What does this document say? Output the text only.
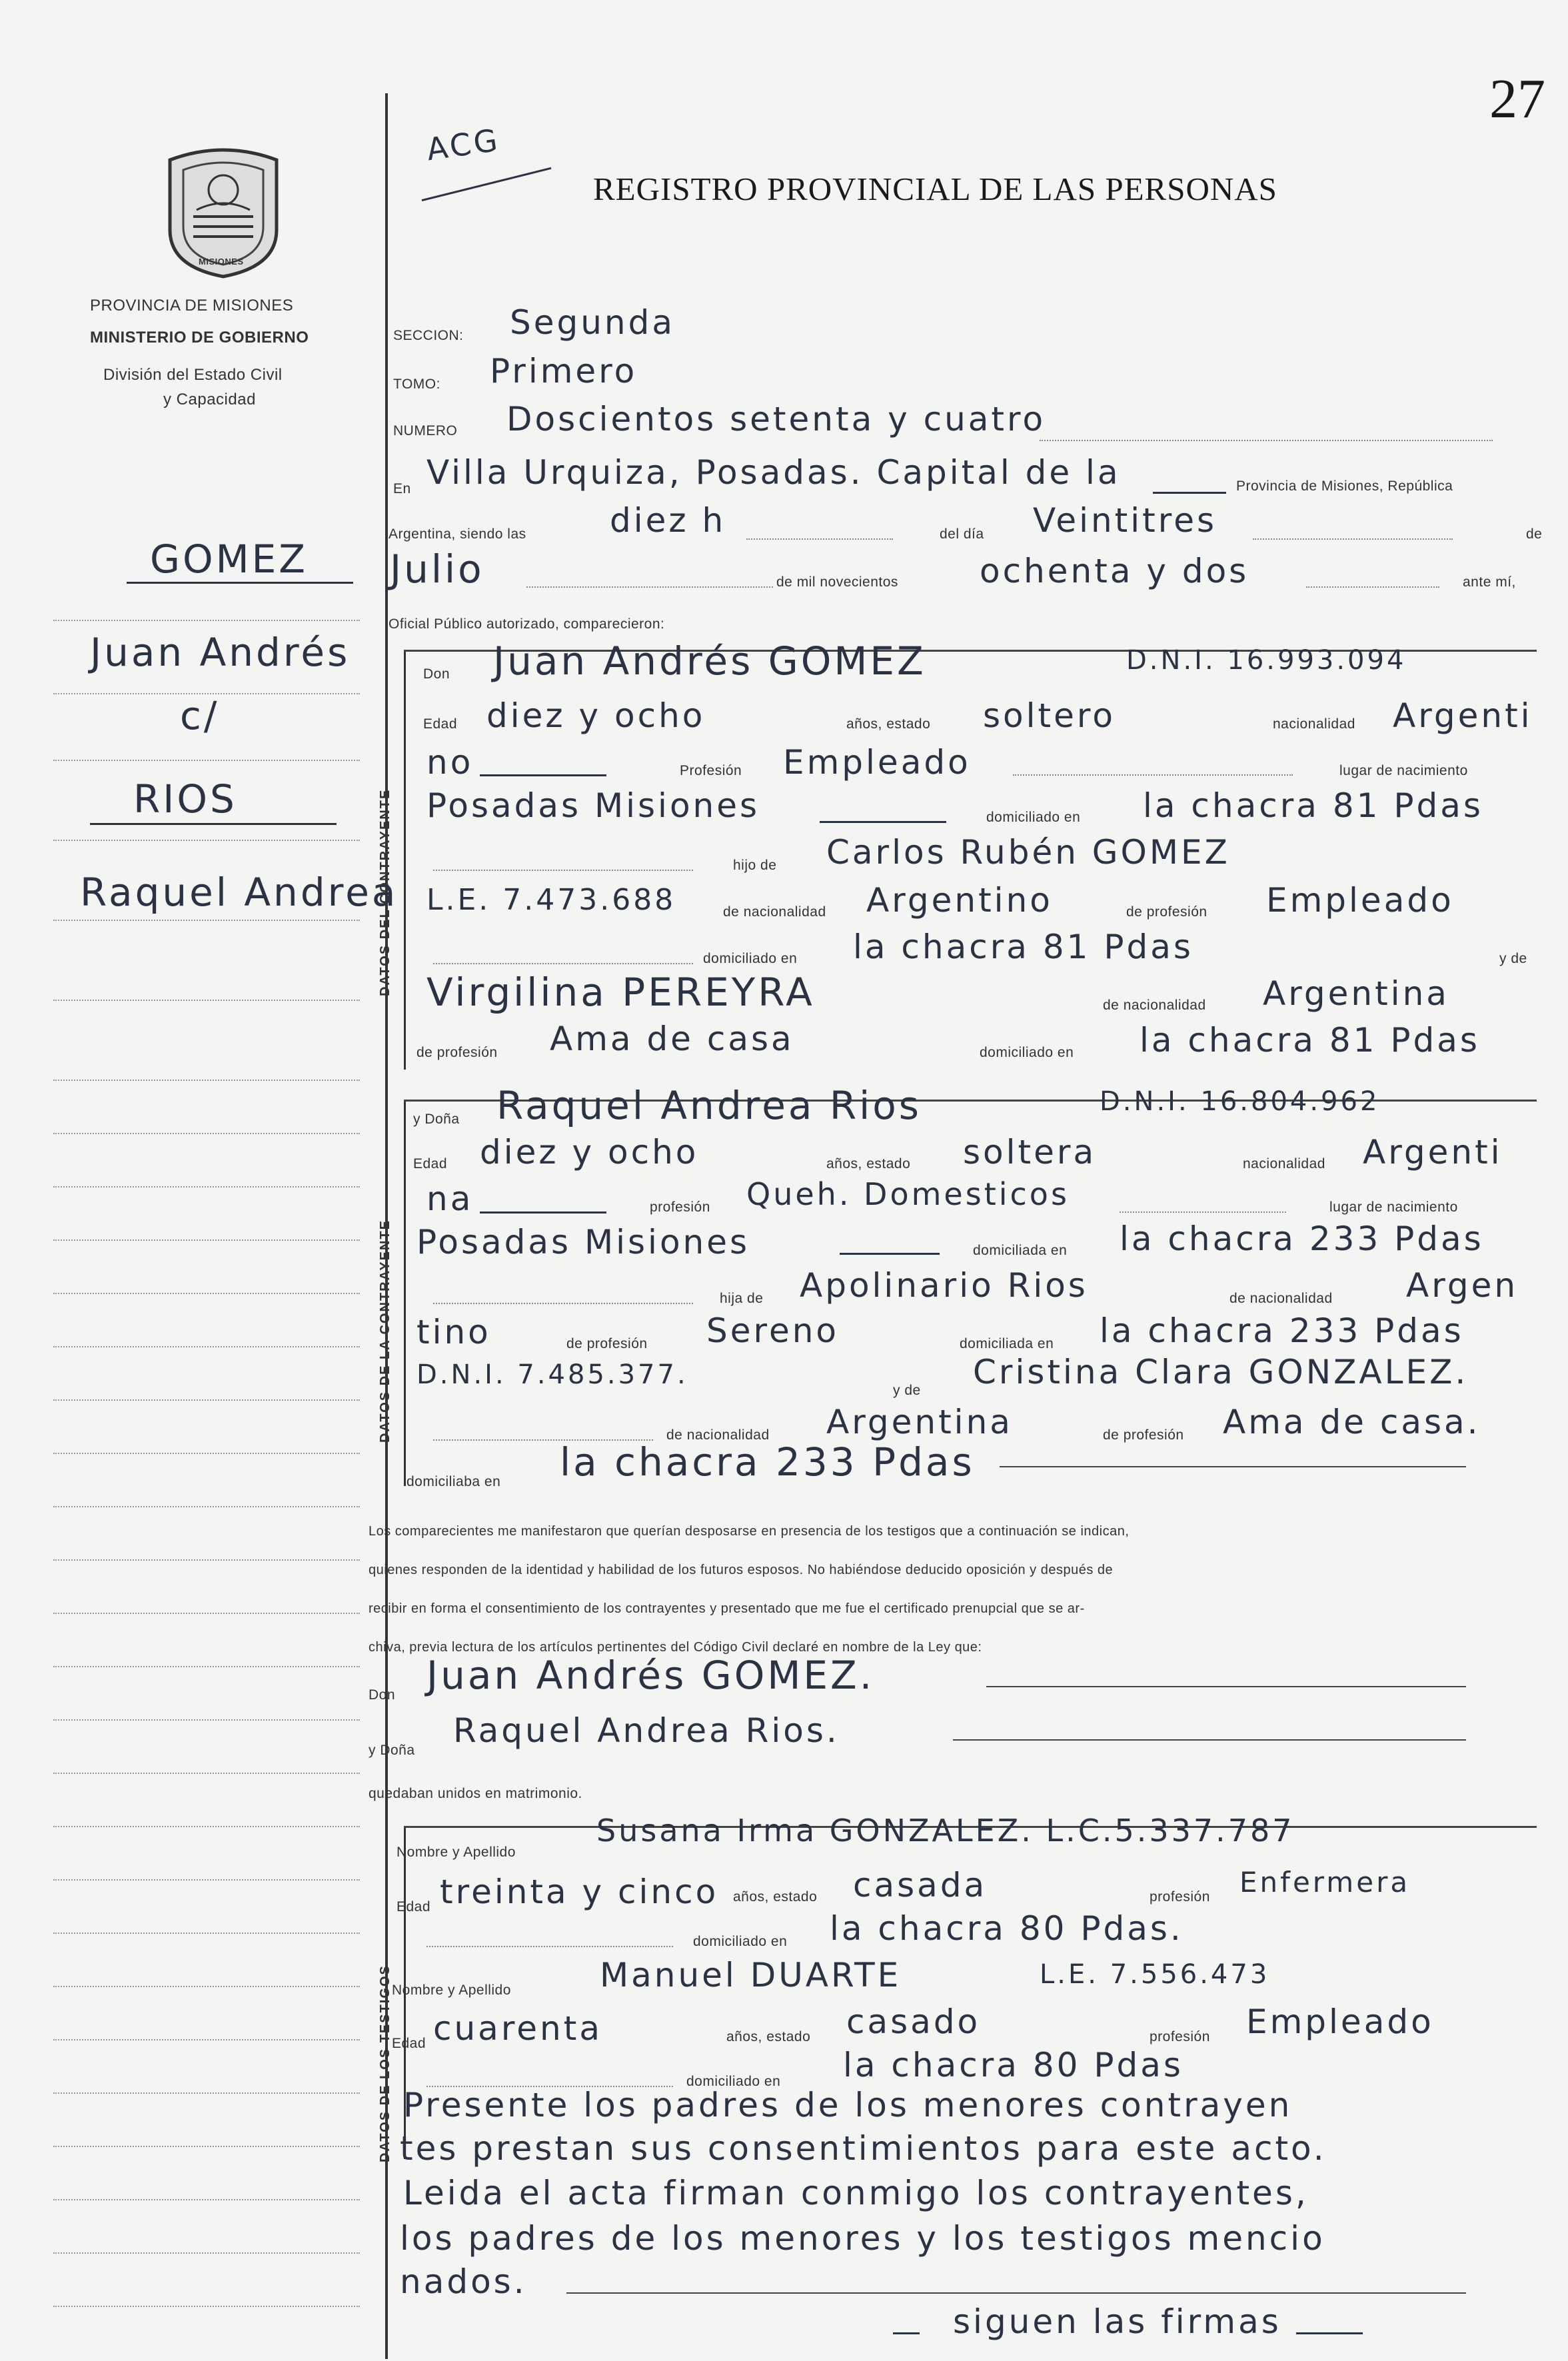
27
ACG
REGISTRO PROVINCIAL DE LAS PERSONAS
MISIONES
PROVINCIA DE MISIONES
MINISTERIO DE GOBIERNO
División del Estado Civil
y Capacidad
GOMEZ
Juan Andrés
c/
RIOS
Raquel Andrea
SECCION: Segunda
TOMO: Primero
NUMERO Doscientos setenta y cuatro
En Villa Urquiza, Posadas. Capital de la	Provincia de Misiones, República
Argentina, siendo las	diez h	del día Veintitres	de
Julio	de mil novecientos ochenta y dos	ante mí,
Oficial Público autorizado, comparecieron:
DATOS DEL CONTRAYENTE
Don Juan Andrés GOMEZ	D.N.I. 16.993.094
Edad diez y ocho	años, estado soltero	nacionalidad Argenti
no	Profesión Empleado	lugar de nacimiento
Posadas Misiones	domiciliado en la chacra 81 Pdas
hijo de Carlos Rubén GOMEZ
L.E. 7.473.688	de nacionalidad Argentino	de profesión Empleado
domiciliado en la chacra 81 Pdas	y de
Virgilina PEREYRA	de nacionalidad Argentina
de profesión Ama de casa	domiciliado en la chacra 81 Pdas
DATOS DE LA CONTRAYENTE
y Doña Raquel Andrea Rios	D.N.I. 16.804.962
Edad diez y ocho	años, estado soltera	nacionalidad Argenti
na	profesión Queh. Domesticos	lugar de nacimiento
Posadas Misiones	domiciliada en la chacra 233 Pdas
hija de Apolinario Rios	de nacionalidad Argen
tino	de profesión Sereno	domiciliada en la chacra 233 Pdas
D.N.I. 7.485.377.
y de Cristina Clara GONZALEZ.
de nacionalidad Argentina	de profesión Ama de casa.
domiciliaba en la chacra 233 Pdas
Los comparecientes me manifestaron que querían desposarse en presencia de los testigos que a continuación se indican,
quienes responden de la identidad y habilidad de los futuros esposos. No habiéndose deducido oposición y después de
recibir en forma el consentimiento de los contrayentes y presentado que me fue el certificado prenupcial que se ar-
chiva, previa lectura de los artículos pertinentes del Código Civil declaré en nombre de la Ley que:
Don Juan Andrés GOMEZ.
y Doña
Raquel Andrea Rios.
quedaban unidos en matrimonio.
DATOS DE LOS TESTIGOS
Nombre y Apellido
Susana Irma GONZALEZ. L.C.5.337.787
Edad treinta y cinco años, estado casada	profesión Enfermera
domiciliado en la chacra 80 Pdas.
Nombre y Apellido	Manuel DUARTE	L.E. 7.556.473
Edad cuarenta	años, estado casado	profesión Empleado
domiciliado en la chacra 80 Pdas
Presente los padres de los menores contrayen
tes prestan sus consentimientos para este acto.
Leida el acta firman conmigo los contrayentes,
los padres de los menores y los testigos mencio
nados.
siguen las firmas
